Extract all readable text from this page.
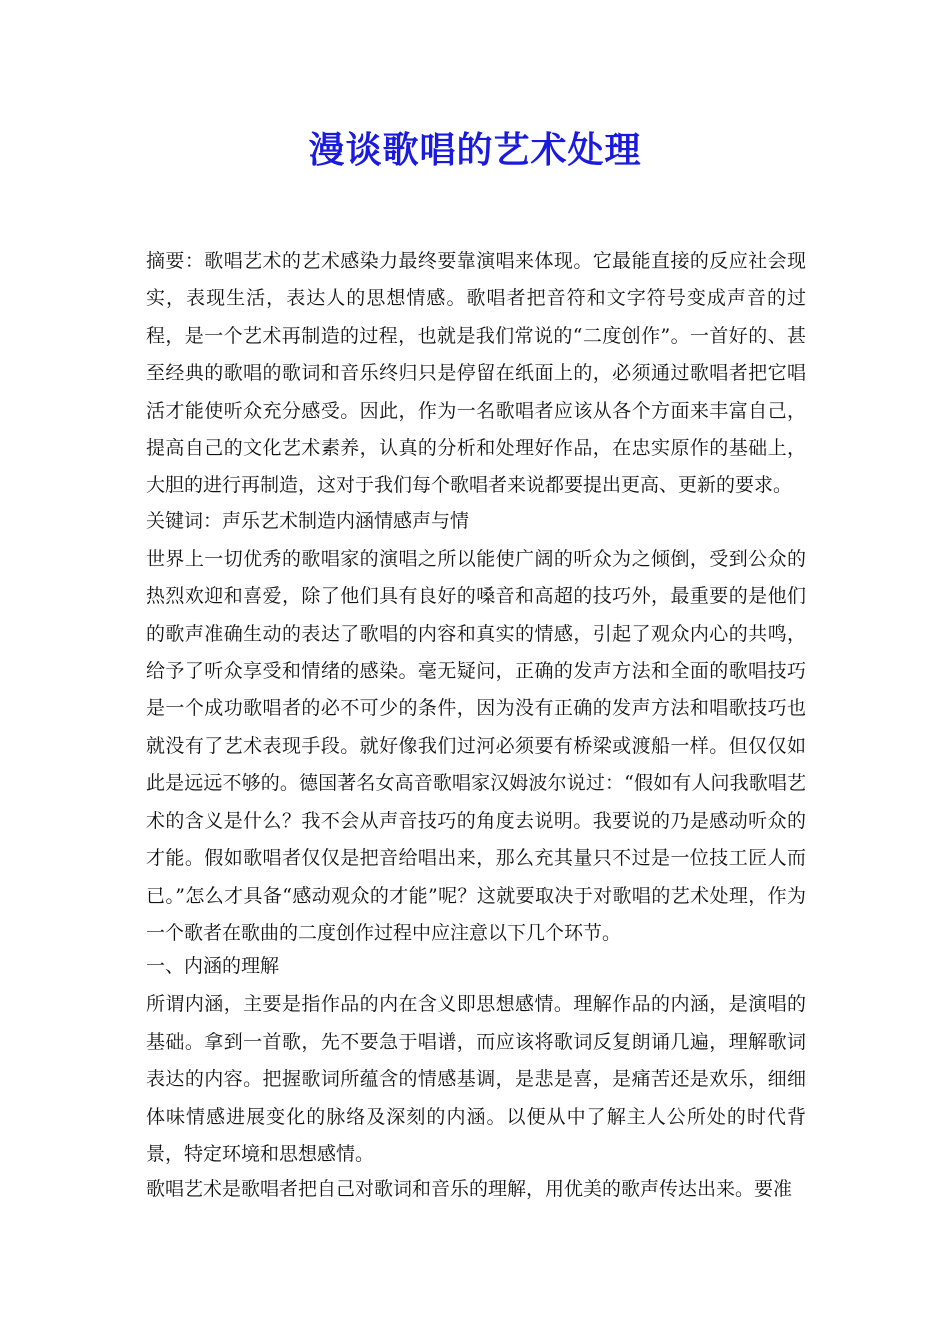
漫谈歌唱的艺术处理

摘要：歌唱艺术的艺术感染力最终要靠演唱来体现。它最能直接的反应社会现实，表现生活，表达人的思想情感。歌唱者把音符和文字符号变成声音的过程，是一个艺术再制造的过程，也就是我们常说的“二度创作”。一首好的、甚至经典的歌唱的歌词和音乐终归只是停留在纸面上的，必须通过歌唱者把它唱活才能使听众充分感受。因此，作为一名歌唱者应该从各个方面来丰富自己，提高自己的文化艺术素养，认真的分析和处理好作品，在忠实原作的基础上，大胆的进行再制造，这对于我们每个歌唱者来说都要提出更高、更新的要求。

关键词：声乐艺术制造内涵情感声与情

世界上一切优秀的歌唱家的演唱之所以能使广阔的听众为之倾倒，受到公众的热烈欢迎和喜爱，除了他们具有良好的嗓音和高超的技巧外，最重要的是他们的歌声准确生动的表达了歌唱的内容和真实的情感，引起了观众内心的共鸣，给予了听众享受和情绪的感染。毫无疑问，正确的发声方法和全面的歌唱技巧是一个成功歌唱者的必不可少的条件，因为没有正确的发声方法和唱歌技巧也就没有了艺术表现手段。就好像我们过河必须要有桥梁或渡船一样。但仅仅如此是远远不够的。德国著名女高音歌唱家汉姆波尔说过：“假如有人问我歌唱艺术的含义是什么？我不会从声音技巧的角度去说明。我要说的乃是感动听众的才能。假如歌唱者仅仅是把音给唱出来，那么充其量只不过是一位技工匠人而已。”怎么才具备“感动观众的才能”呢？这就要取决于对歌唱的艺术处理，作为一个歌者在歌曲的二度创作过程中应注意以下几个环节。

一、内涵的理解

所谓内涵，主要是指作品的内在含义即思想感情。理解作品的内涵，是演唱的基础。拿到一首歌，先不要急于唱谱，而应该将歌词反复朗诵几遍，理解歌词表达的内容。把握歌词所蕴含的情感基调，是悲是喜，是痛苦还是欢乐，细细体味情感进展变化的脉络及深刻的内涵。以便从中了解主人公所处的时代背景，特定环境和思想感情。

歌唱艺术是歌唱者把自己对歌词和音乐的理解，用优美的歌声传达出来。要准
